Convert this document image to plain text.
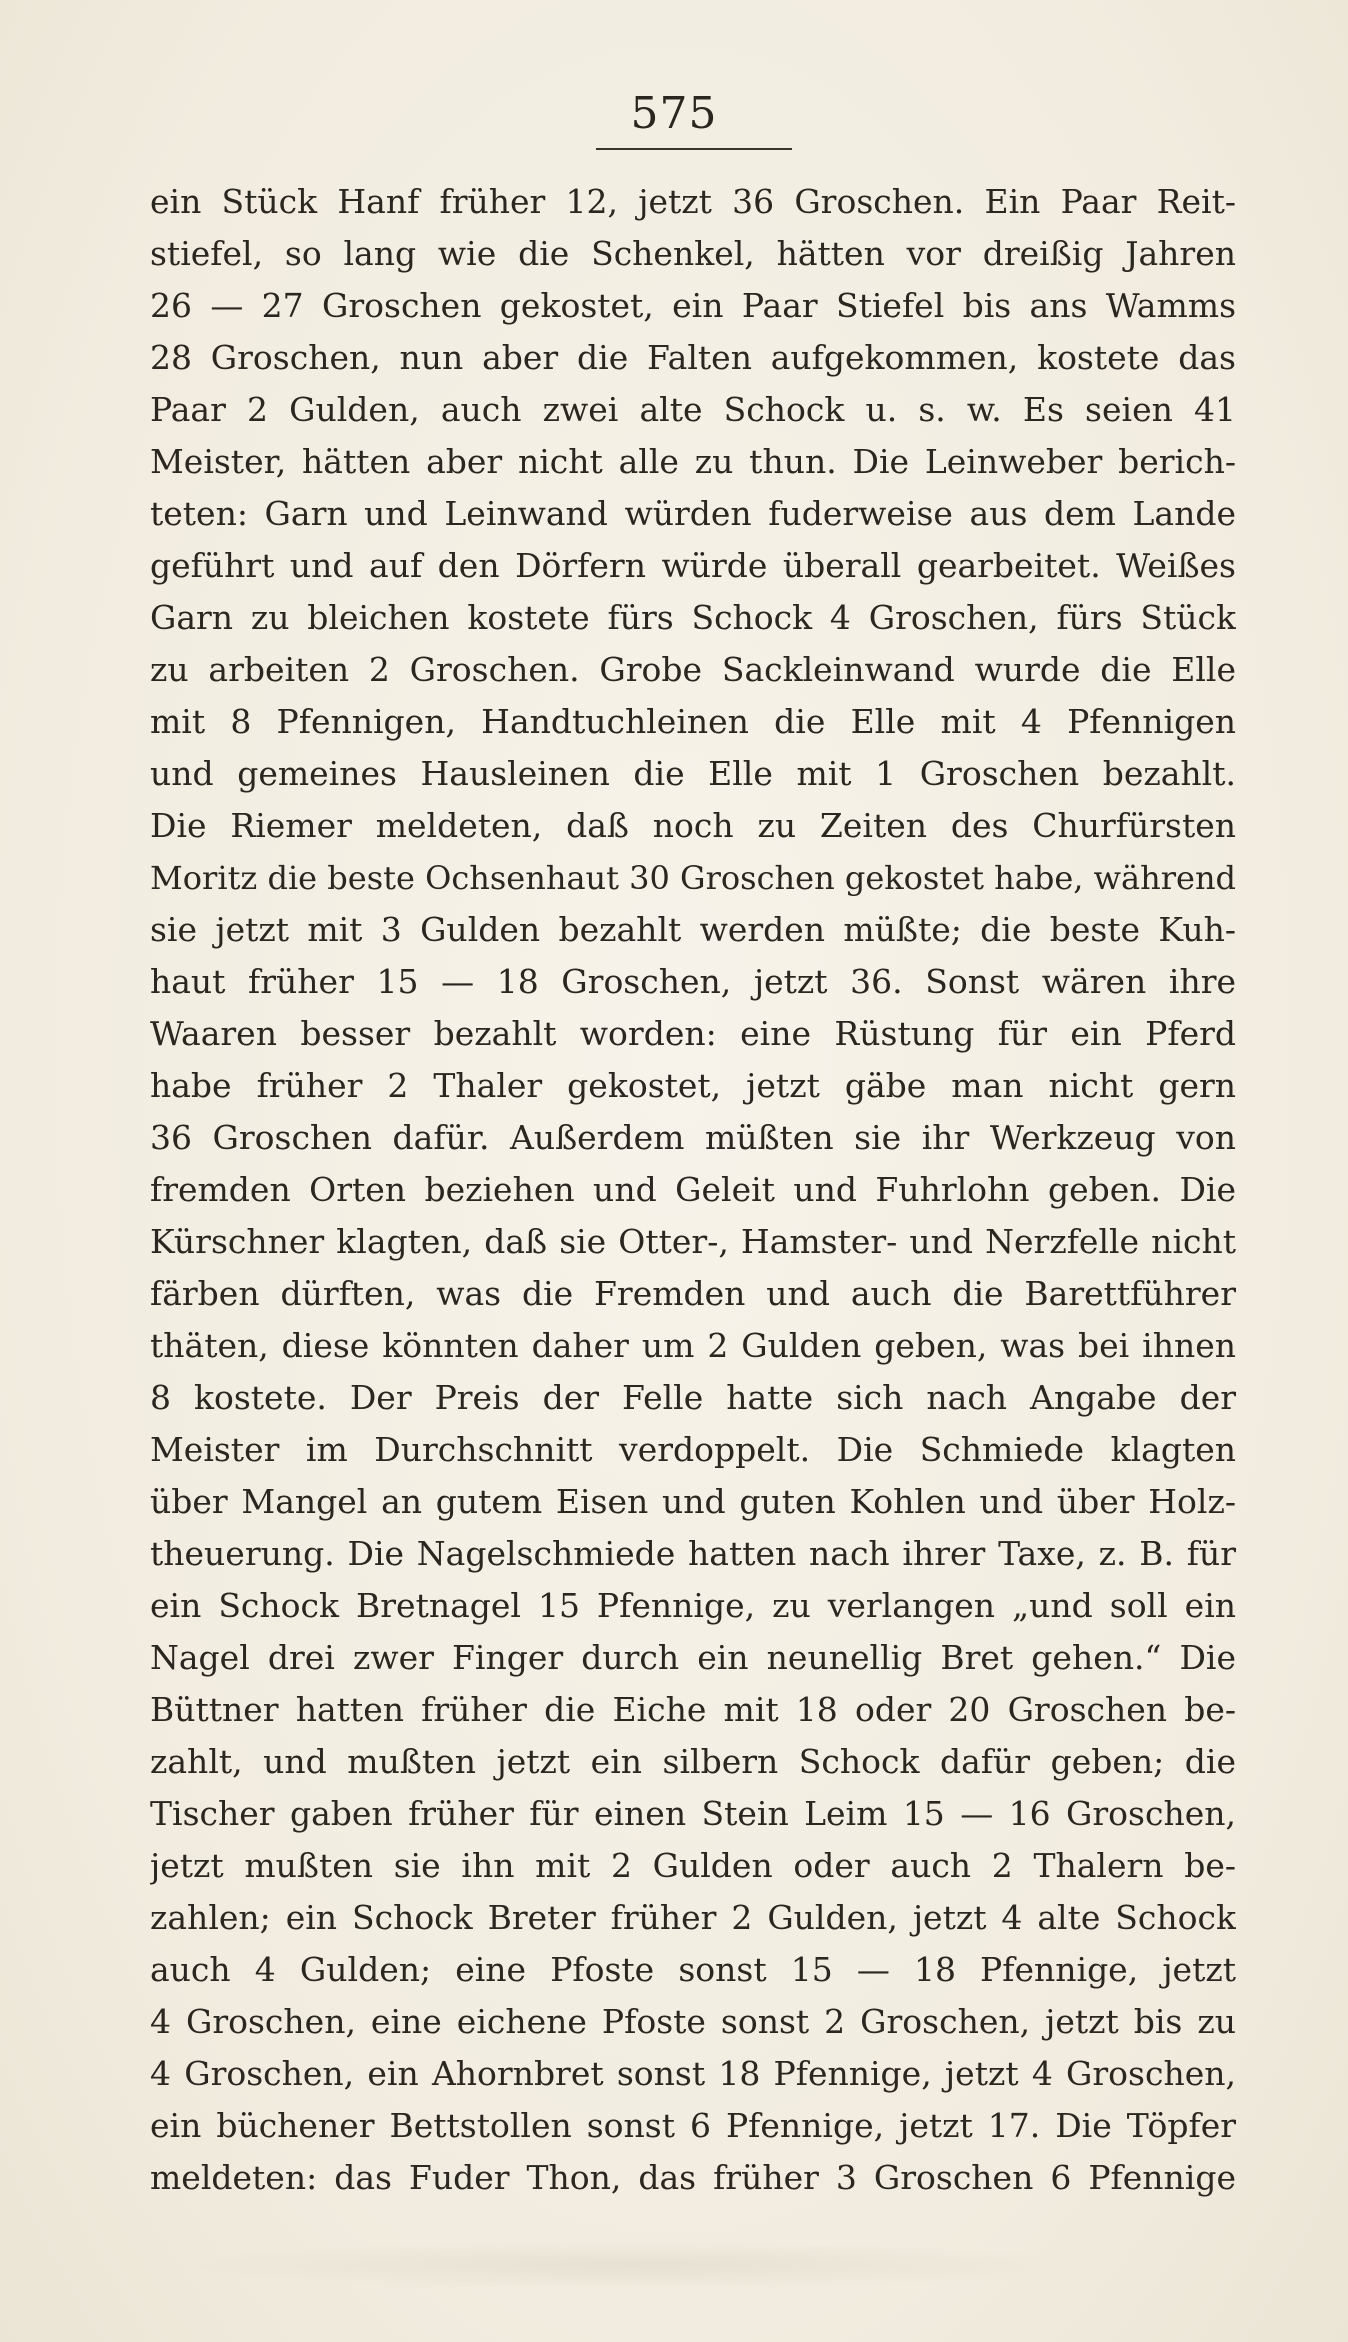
575
ein Stück Hanf früher 12, jetzt 36 Groschen. Ein Paar Reit-
stiefel, so lang wie die Schenkel, hätten vor dreißig Jahren
26 — 27 Groschen gekostet, ein Paar Stiefel bis ans Wamms
28 Groschen, nun aber die Falten aufgekommen, kostete das
Paar 2 Gulden, auch zwei alte Schock u. s. w. Es seien 41
Meister, hätten aber nicht alle zu thun. Die Leinweber berich-
teten: Garn und Leinwand würden fuderweise aus dem Lande
geführt und auf den Dörfern würde überall gearbeitet. Weißes
Garn zu bleichen kostete fürs Schock 4 Groschen, fürs Stück
zu arbeiten 2 Groschen. Grobe Sackleinwand wurde die Elle
mit 8 Pfennigen, Handtuchleinen die Elle mit 4 Pfennigen
und gemeines Hausleinen die Elle mit 1 Groschen bezahlt.
Die Riemer meldeten, daß noch zu Zeiten des Churfürsten
Moritz die beste Ochsenhaut 30 Groschen gekostet habe, während
sie jetzt mit 3 Gulden bezahlt werden müßte; die beste Kuh-
haut früher 15 — 18 Groschen, jetzt 36. Sonst wären ihre
Waaren besser bezahlt worden: eine Rüstung für ein Pferd
habe früher 2 Thaler gekostet, jetzt gäbe man nicht gern
36 Groschen dafür. Außerdem müßten sie ihr Werkzeug von
fremden Orten beziehen und Geleit und Fuhrlohn geben. Die
Kürschner klagten, daß sie Otter-, Hamster- und Nerzfelle nicht
färben dürften, was die Fremden und auch die Barettführer
thäten, diese könnten daher um 2 Gulden geben, was bei ihnen
8 kostete. Der Preis der Felle hatte sich nach Angabe der
Meister im Durchschnitt verdoppelt. Die Schmiede klagten
über Mangel an gutem Eisen und guten Kohlen und über Holz-
theuerung. Die Nagelschmiede hatten nach ihrer Taxe, z. B. für
ein Schock Bretnagel 15 Pfennige, zu verlangen „und soll ein
Nagel drei zwer Finger durch ein neunellig Bret gehen.“ Die
Büttner hatten früher die Eiche mit 18 oder 20 Groschen be-
zahlt, und mußten jetzt ein silbern Schock dafür geben; die
Tischer gaben früher für einen Stein Leim 15 — 16 Groschen,
jetzt mußten sie ihn mit 2 Gulden oder auch 2 Thalern be-
zahlen; ein Schock Breter früher 2 Gulden, jetzt 4 alte Schock
auch 4 Gulden; eine Pfoste sonst 15 — 18 Pfennige, jetzt
4 Groschen, eine eichene Pfoste sonst 2 Groschen, jetzt bis zu
4 Groschen, ein Ahornbret sonst 18 Pfennige, jetzt 4 Groschen,
ein büchener Bettstollen sonst 6 Pfennige, jetzt 17. Die Töpfer
meldeten: das Fuder Thon, das früher 3 Groschen 6 Pfennige
